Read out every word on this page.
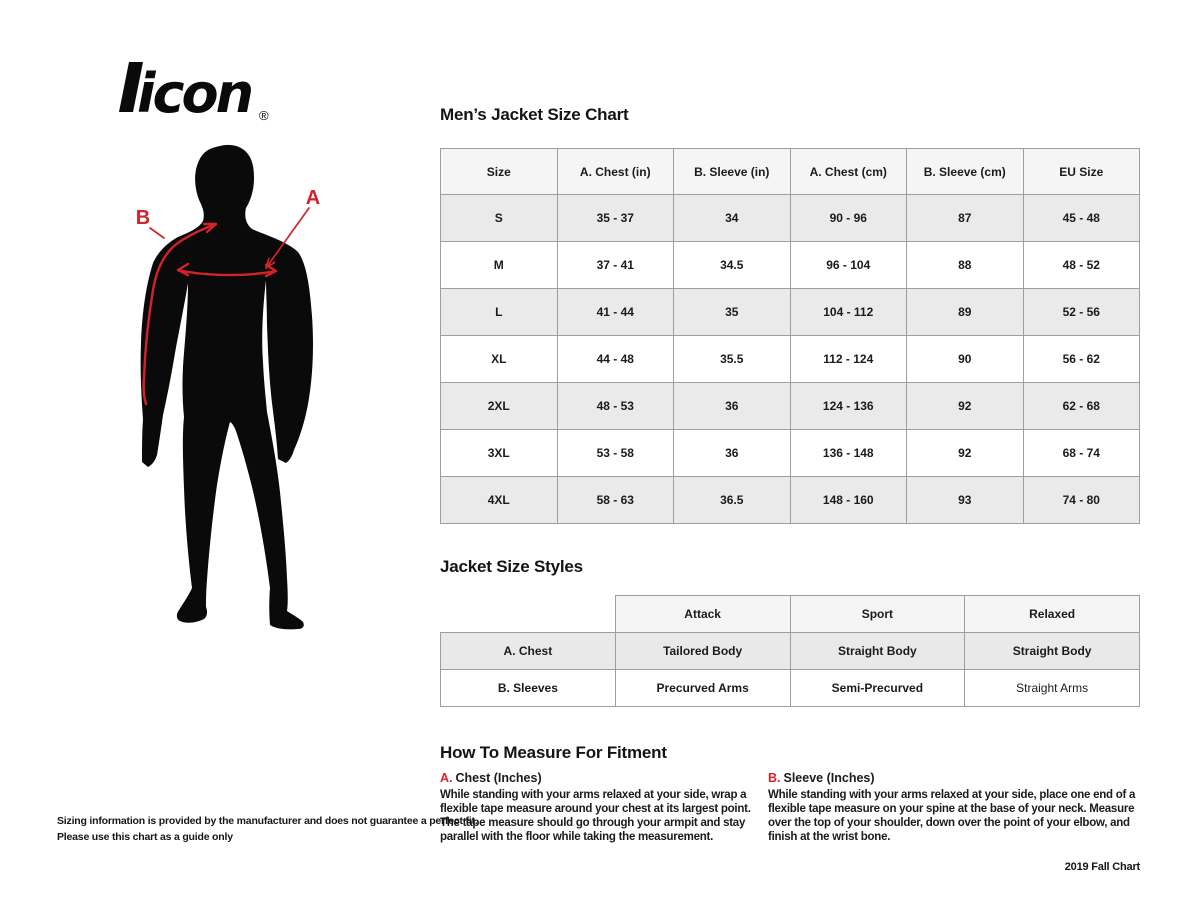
icon ®
A
B
Men’s Jacket Size Chart
Size	A. Chest (in)	B. Sleeve (in)	A. Chest (cm)	B. Sleeve (cm)	EU Size
S	35 - 37	34	90 - 96	87	45 - 48
M	37 - 41	34.5	96 - 104	88	48 - 52
L	41 - 44	35	104 - 112	89	52 - 56
XL	44 - 48	35.5	112 - 124	90	56 - 62
2XL	48 - 53	36	124 - 136	92	62 - 68
3XL	53 - 58	36	136 - 148	92	68 - 74
4XL	58 - 63	36.5	148 - 160	93	74 - 80
Jacket Size Styles
	Attack	Sport	Relaxed
A. Chest	Tailored Body	Straight Body	Straight Body
B. Sleeves	Precurved Arms	Semi-Precurved	Straight Arms
How To Measure For Fitment
A. Chest (Inches)

While standing with your arms relaxed at your side, wrap a flexible tape measure around your chest at its largest point. The tape measure should go through your armpit and stay parallel with the floor while taking the measurement.

B. Sleeve (Inches)

While standing with your arms relaxed at your side, place one end of a flexible tape measure on your spine at the base of your neck. Measure over the top of your shoulder, down over the point of your elbow, and finish at the wrist bone.

Sizing information is provided by the manufacturer and does not guarantee a perfect fit.
Please use this chart as a guide only
2019 Fall Chart
